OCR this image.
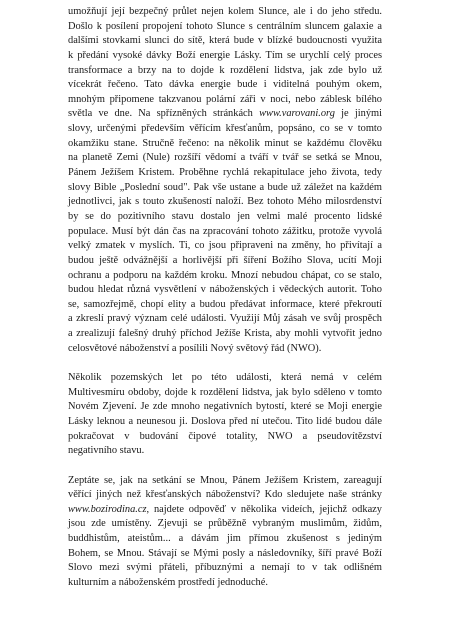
umožňují její bezpečný průlet nejen kolem Slunce, ale i do jeho středu.
Došlo k posílení propojení tohoto Slunce s centrálním sluncem galaxie a
dalšími stovkami slunci do sítě, která bude v blízké budoucnosti využita
k předání vysoké dávky Boží energie Lásky. Tím se urychlí celý proces
transformace a brzy na to dojde k rozdělení lidstva, jak zde bylo už
vícekrát řečeno. Tato dávka energie bude i viditelná pouhým okem,
mnohým připomene takzvanou polární záři v noci, nebo záblesk bílého
světla ve dne. Na spřízněných stránkách www.varovani.org je jinými
slovy, určenými především věřícím křesťanům, popsáno, co se v tomto
okamžiku stane. Stručně řečeno: na několik minut se každému člověku
na planetě Zemi (Nule) rozšíří vědomí a tváří v tvář se setká se Mnou,
Pánem Ježíšem Kristem. Proběhne rychlá rekapitulace jeho života, tedy
slovy Bible „Poslední soud". Pak vše ustane a bude už záležet na každém
jednotlivci, jak s touto zkušeností naloží. Bez tohoto Mého milosrdenství
by se do pozitivního stavu dostalo jen velmi malé procento lidské
populace. Musí být dán čas na zpracování tohoto zážitku, protože vyvolá
velký zmatek v myslích. Ti, co jsou připraveni na změny, ho přivítají a
budou ještě odvážnější a horlivější při šíření Božího Slova, ucítí Moji
ochranu a podporu na každém kroku. Mnozí nebudou chápat, co se stalo,
budou hledat různá vysvětlení v náboženských i vědeckých autorit. Toho
se, samozřejmě, chopí elity a budou předávat informace, které překroutí
a zkreslí pravý význam celé události. Využijí Můj zásah ve svůj prospěch
a zrealizují falešný druhý příchod Ježíše Krista, aby mohli vytvořit jedno
celosvětové náboženství a posílili Nový světový řád (NWO).
Několik pozemských let po této události, která nemá v celém
Multivesmíru obdoby, dojde k rozdělení lidstva, jak bylo sděleno v tomto
Novém Zjevení. Je zde mnoho negativních bytostí, které se Moji energie
Lásky leknou a neunesou ji. Doslova před ní utečou. Tito lidé budou dále
pokračovat v budování čipové totality, NWO a pseudovítězství
negativního stavu.
Zeptáte se, jak na setkání se Mnou, Pánem Ježíšem Kristem, zareagují
věřící jiných než křesťanských náboženství? Kdo sledujete naše stránky
www.bozirodina.cz, najdete odpověď v několika videích, jejichž odkazy
jsou zde umístěny. Zjevuji se průběžně vybraným muslimům, židům,
buddhistům, ateistům... a dávám jim přímou zkušenost s jediným
Bohem, se Mnou. Stávají se Mými posly a následovníky, šíří pravé Boží
Slovo mezi svými přáteli, příbuznými a nemají to v tak odlišném
kulturním a náboženském prostředí jednoduché.
